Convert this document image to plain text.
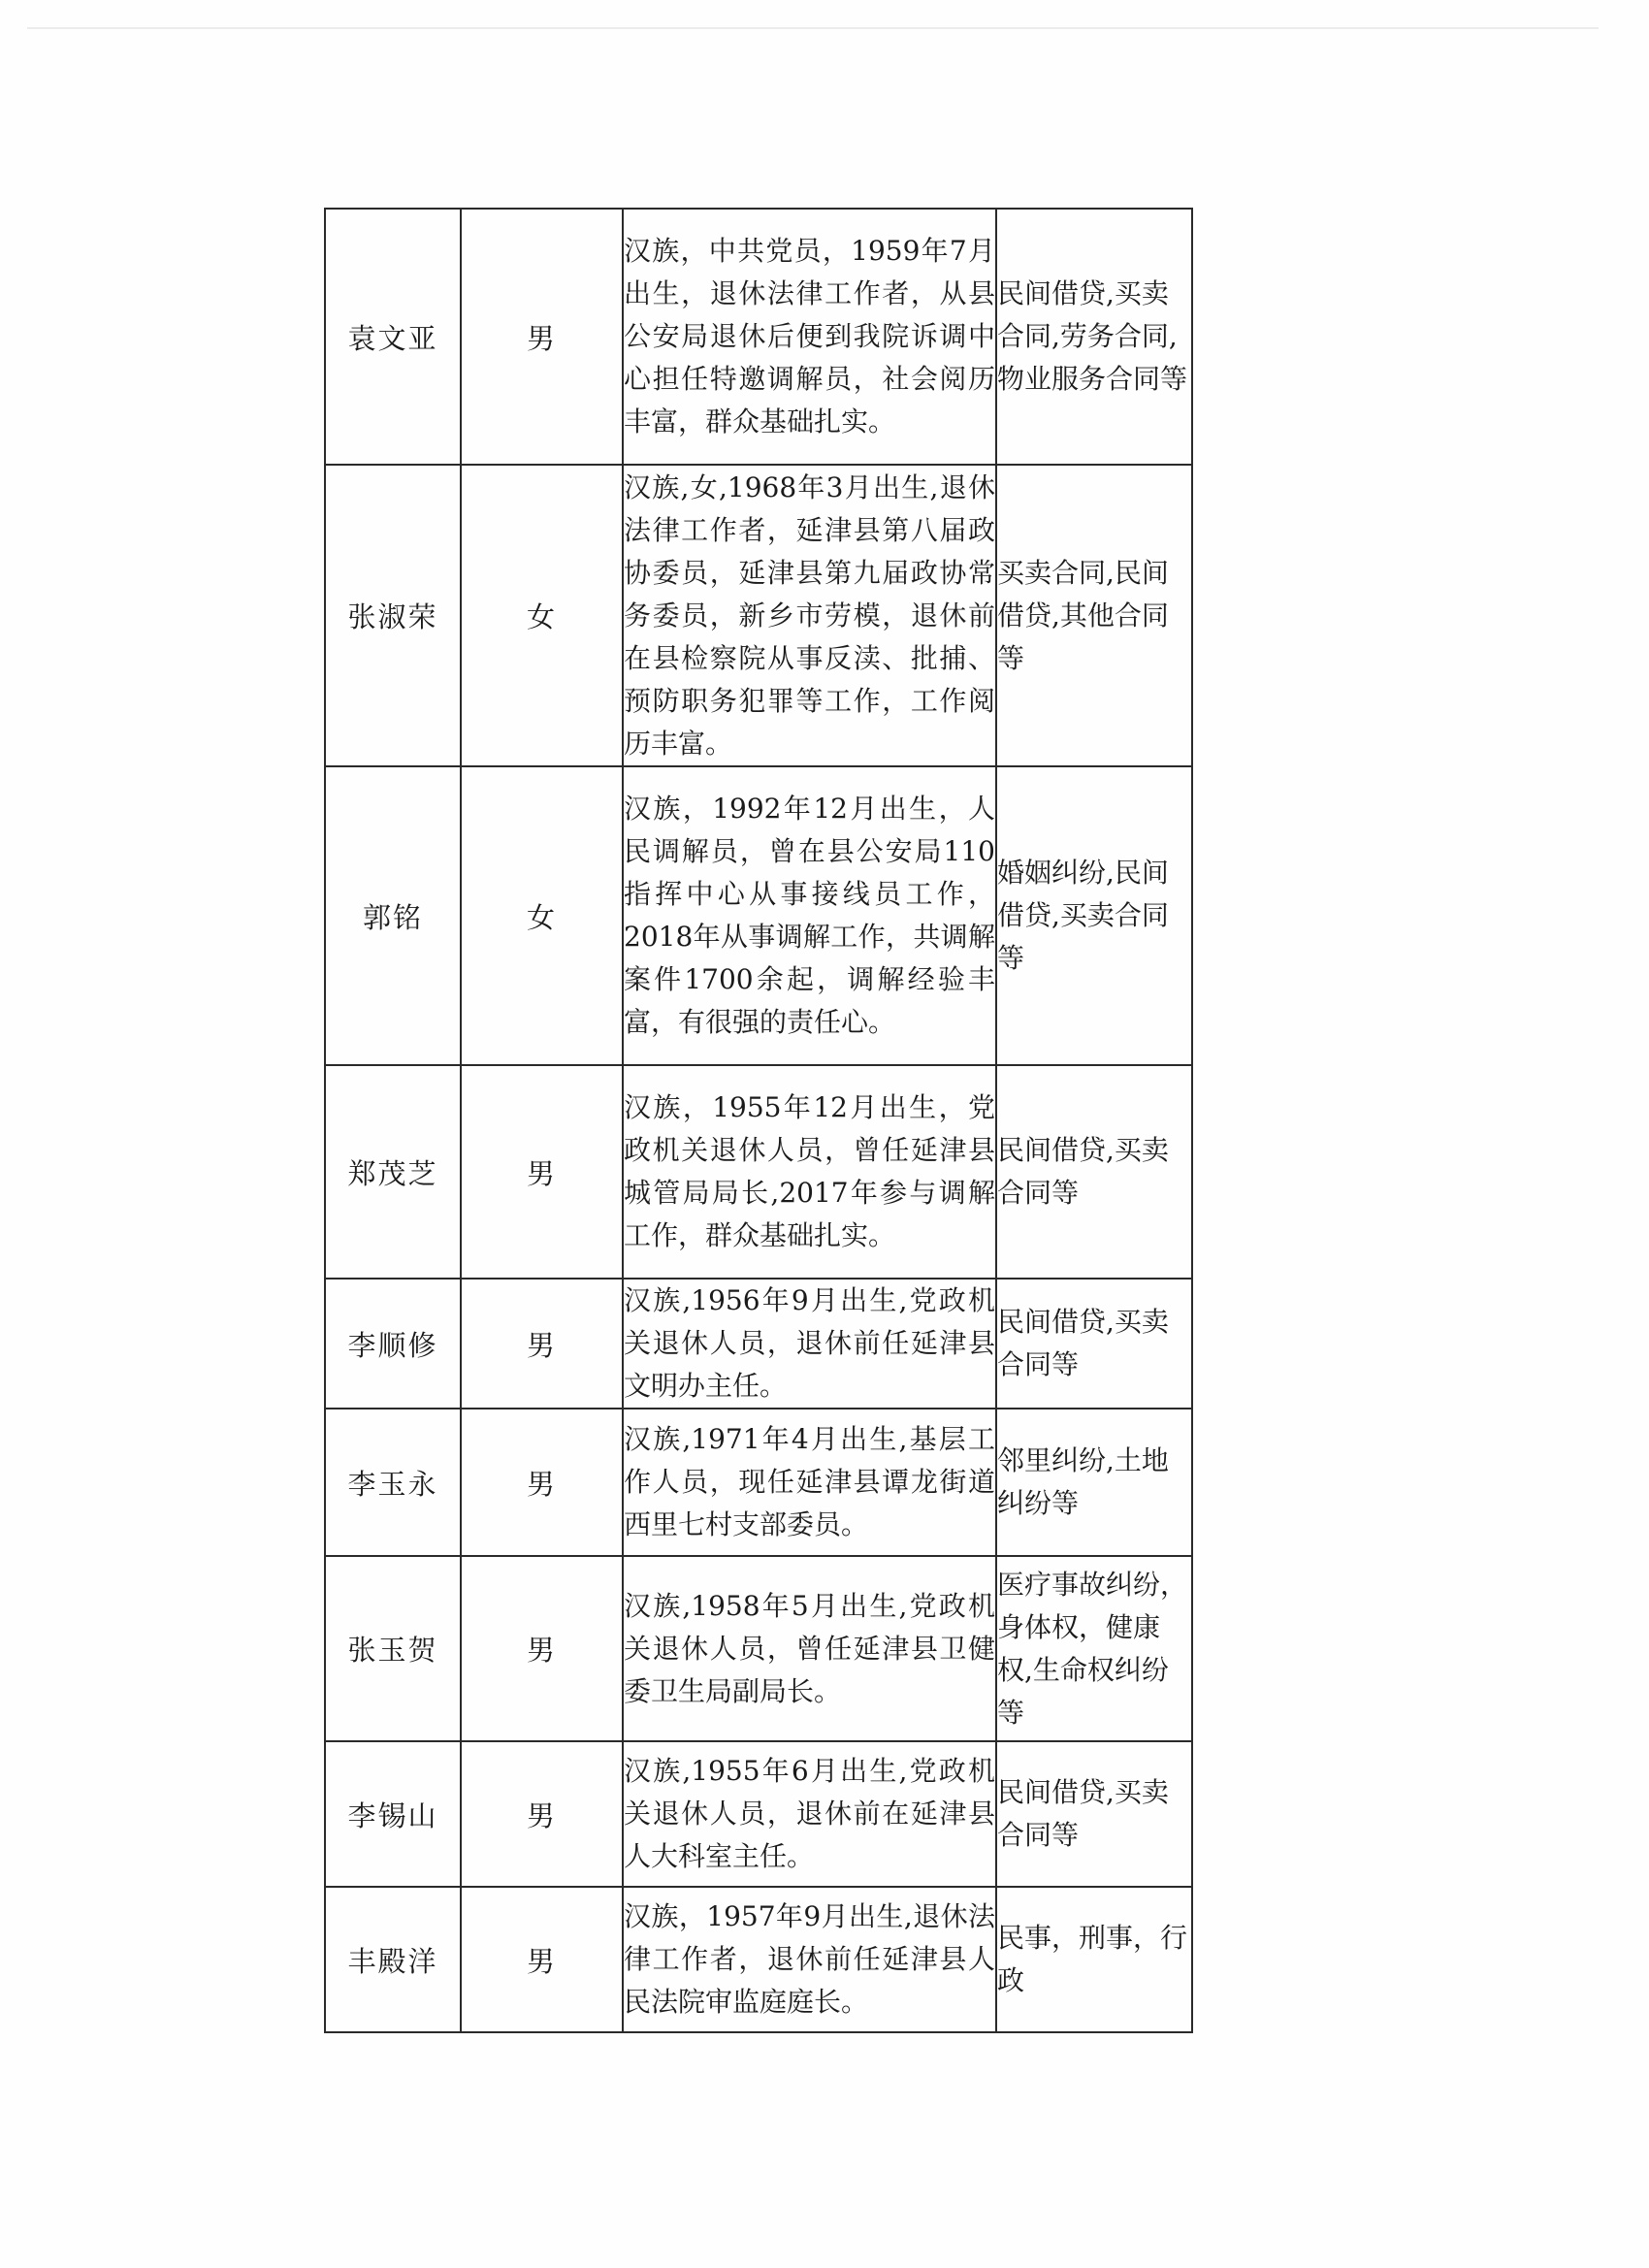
袁文亚	男	汉族，中共党员，1959年7月出生，退休法律工作者，从县公安局退休后便到我院诉调中心担任特邀调解员，社会阅历丰富，群众基础扎实。	民间借贷,买卖合同,劳务合同,物业服务合同等
张淑荣	女	汉族,女,1968年3月出生,退休法律工作者，延津县第八届政协委员，延津县第九届政协常务委员，新乡市劳模，退休前在县检察院从事反渎、批捕、预防职务犯罪等工作，工作阅历丰富。	买卖合同,民间借贷,其他合同等
郭铭	女	汉族，1992年12月出生，人民调解员，曾在县公安局110指挥中心从事接线员工作，2018年从事调解工作，共调解案件1700余起，调解经验丰富，有很强的责任心。	婚姻纠纷,民间借贷,买卖合同等
郑茂芝	男	汉族，1955年12月出生，党政机关退休人员，曾任延津县城管局局长,2017年参与调解工作，群众基础扎实。	民间借贷,买卖合同等
李顺修	男	汉族,1956年9月出生,党政机关退休人员，退休前任延津县文明办主任。	民间借贷,买卖合同等
李玉永	男	汉族,1971年4月出生,基层工作人员，现任延津县谭龙街道西里七村支部委员。	邻里纠纷,土地纠纷等
张玉贺	男	汉族,1958年5月出生,党政机关退休人员，曾任延津县卫健委卫生局副局长。	医疗事故纠纷，身体权，健康权,生命权纠纷等
李锡山	男	汉族,1955年6月出生,党政机关退休人员，退休前在延津县人大科室主任。	民间借贷,买卖合同等
丰殿洋	男	汉族，1957年9月出生,退休法律工作者，退休前任延津县人民法院审监庭庭长。	民事，刑事，行政
